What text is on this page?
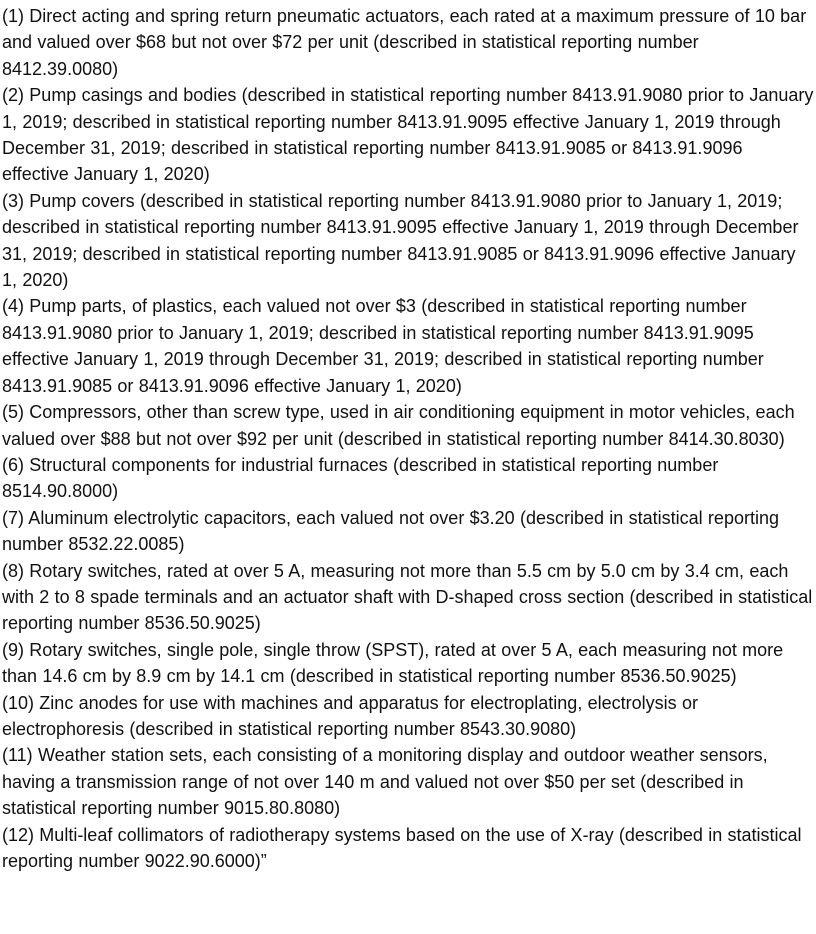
(1) Direct acting and spring return pneumatic actuators, each rated at a maximum pressure of 10 bar and valued over $68 but not over $72 per unit (described in statistical reporting number 8412.39.0080)

(2) Pump casings and bodies (described in statistical reporting number 8413.91.9080 prior to January 1, 2019; described in statistical reporting number 8413.91.9095 effective January 1, 2019 through December 31, 2019; described in statistical reporting number 8413.91.9085 or 8413.91.9096 effective January 1, 2020)

(3) Pump covers (described in statistical reporting number 8413.91.9080 prior to January 1, 2019; described in statistical reporting number 8413.91.9095 effective January 1, 2019 through December 31, 2019; described in statistical reporting number 8413.91.9085 or 8413.91.9096 effective January 1, 2020)

(4) Pump parts, of plastics, each valued not over $3 (described in statistical reporting number 8413.91.9080 prior to January 1, 2019; described in statistical reporting number 8413.91.9095 effective January 1, 2019 through December 31, 2019; described in statistical reporting number 8413.91.9085 or 8413.91.9096 effective January 1, 2020)

(5) Compressors, other than screw type, used in air conditioning equipment in motor vehicles, each valued over $88 but not over $92 per unit (described in statistical reporting number 8414.30.8030)

(6) Structural components for industrial furnaces (described in statistical reporting number 8514.90.8000)

(7) Aluminum electrolytic capacitors, each valued not over $3.20 (described in statistical reporting number 8532.22.0085)

(8) Rotary switches, rated at over 5 A, measuring not more than 5.5 cm by 5.0 cm by 3.4 cm, each with 2 to 8 spade terminals and an actuator shaft with D-shaped cross section (described in statistical reporting number 8536.50.9025)

(9) Rotary switches, single pole, single throw (SPST), rated at over 5 A, each measuring not more than 14.6 cm by 8.9 cm by 14.1 cm (described in statistical reporting number 8536.50.9025)

(10) Zinc anodes for use with machines and apparatus for electroplating, electrolysis or electrophoresis (described in statistical reporting number 8543.30.9080)

(11) Weather station sets, each consisting of a monitoring display and outdoor weather sensors, having a transmission range of not over 140 m and valued not over $50 per set (described in statistical reporting number 9015.80.8080)

(12) Multi-leaf collimators of radiotherapy systems based on the use of X-ray (described in statistical reporting number 9022.90.6000)”
